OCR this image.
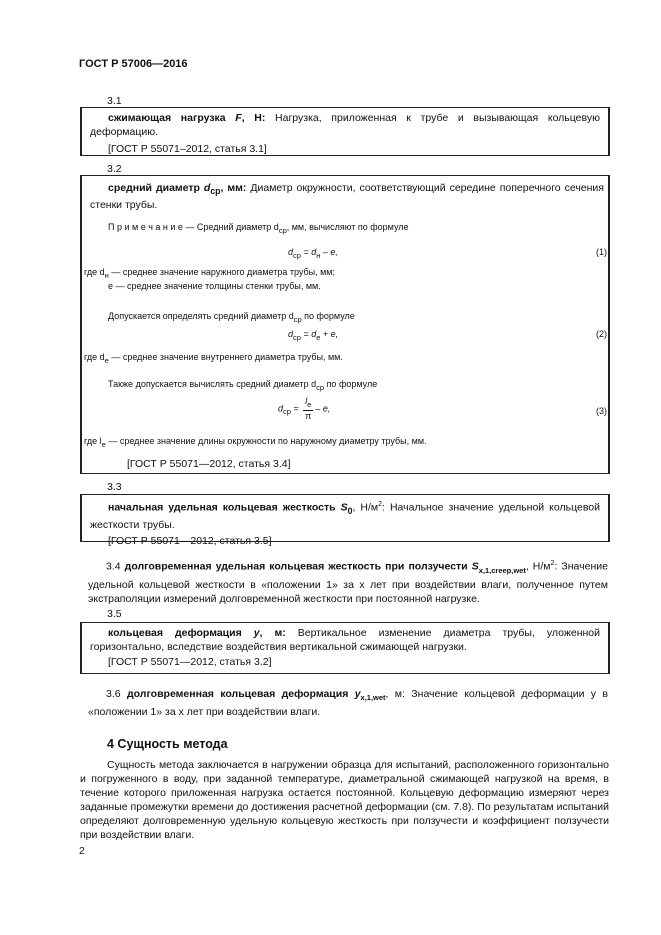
ГОСТ Р 57006—2016
3.1
сжимающая нагрузка F, Н: Нагрузка, приложенная к трубе и вызывающая кольцевую деформацию.
[ГОСТ Р 55071–2012, статья 3.1]
3.2
средний диаметр $d_{ср}$, мм: Диаметр окружности, соответствующий середине поперечного сечения стенки трубы.
П р и м е ч а н и е — Средний диаметр $d_{ср}$, мм, вычисляют по формуле
$d_{ср} = d_н - e$,	(1)
где $d_н$ — среднее значение наружного диаметра трубы, мм;
e — среднее значение толщины стенки трубы, мм.
Допускается определять средний диаметр $d_{ср}$ по формуле
$d_{ср} = d_е + e$,	(2)
где $d_е$ — среднее значение внутреннего диаметра трубы, мм.
Также допускается вычислять средний диаметр $d_{ср}$ по формуле
$d_{ср}$ =
$l_е$
π
– e,	(3)
где $l_е$ — среднее значение длины окружности по наружному диаметру трубы, мм.
[ГОСТ Р 55071—2012, статья 3.4]
3.3
начальная удельная кольцевая жесткость $S_0$, $Н/м^2$: Начальное значение удельной кольцевой жесткости трубы.
[ГОСТ Р 55071—2012, статья 3.5]
3.4 долговременная удельная кольцевая жесткость при ползучести $S_{x,1,creep,wet}$, $Н/м^2$: Значение удельной кольцевой жесткости в «положении 1» за x лет при воздействии влаги, полученное путем экстраполяции измерений долговременной жесткости при постоянной нагрузке.
3.5
кольцевая деформация y, м: Вертикальное изменение диаметра трубы, уложенной горизонтально, вследствие воздействия вертикальной сжимающей нагрузки.
[ГОСТ Р 55071—2012, статья 3.2]
3.6 долговременная кольцевая деформация $y_{x,1,wet}$, м: Значение кольцевой деформации y в «положении 1» за x лет при воздействии влаги.
4 Сущность метода
Сущность метода заключается в нагружении образца для испытаний, расположенного горизонтально и погруженного в воду, при заданной температуре, диаметральной сжимающей нагрузкой на время, в течение которого приложенная нагрузка остается постоянной. Кольцевую деформацию измеряют через заданные промежутки времени до достижения расчетной деформации (см. 7.8). По результатам испытаний определяют долговременную удельную кольцевую жесткость при ползучести и коэффициент ползучести при воздействии влаги.
2
